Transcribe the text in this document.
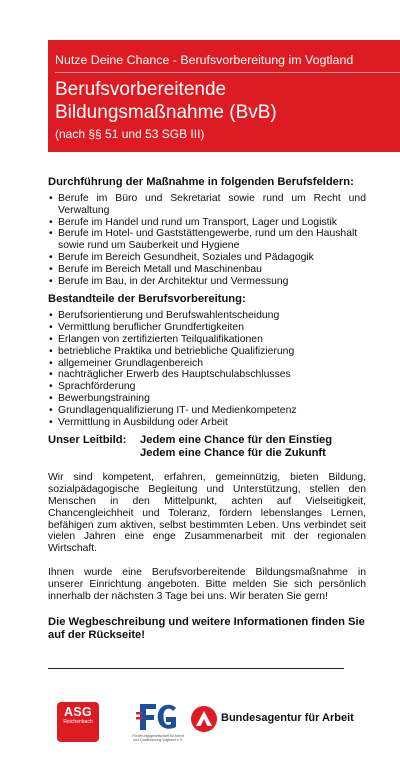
Nutze Deine Chance - Berufsvorbereitung im Vogtland
Berufsvorbereitende
Bildungsmaßnahme (BvB)
(nach §§ 51 und 53 SGB III)
Durchführung der Maßnahme in folgenden Berufsfeldern:
• Berufe im Büro und Sekretariat sowie rund um Recht und Verwaltung
• Berufe im Handel und rund um Transport, Lager und Logistik
• Berufe im Hotel- und Gaststättengewerbe, rund um den Haushalt sowie rund um Sauberkeit und Hygiene
• Berufe im Bereich Gesundheit, Soziales und Pädagogik
• Berufe im Bereich Metall und Maschinenbau
• Berufe im Bau, in der Architektur und Vermessung
Bestandteile der Berufsvorbereitung:
• Berufsorientierung und Berufswahlentscheidung
• Vermittlung beruflicher Grundfertigkeiten
• Erlangen von zertifizierten Teilqualifikationen
• betriebliche Praktika und betriebliche Qualifizierung
• allgemeiner Grundlagenbereich
• nachträglicher Erwerb des Hauptschulabschlusses
• Sprachförderung
• Bewerbungstraining
• Grundlagenqualifizierung IT- und Medienkompetenz
• Vermittlung in Ausbildung oder Arbeit
Unser Leitbild:	Jedem eine Chance für den Einstieg
Jedem eine Chance für die Zukunft

Wir sind kompetent, erfahren, gemeinnützig, bieten Bildung, sozialpädagogische Begleitung und Unterstützung, stellen den Menschen in den Mittelpunkt, achten auf Vielseitigkeit, Chancengleichheit und Toleranz, fördern lebenslanges Lernen, befähigen zum aktiven, selbst bestimmten Leben. Uns verbindet seit vielen Jahren eine enge Zusammenarbeit mit der regionalen Wirtschaft.

Ihnen wurde eine Berufsvorbereitende Bildungsmaßnahme in unserer Einrichtung angeboten. Bitte melden Sie sich persönlich innerhalb der nächsten 3 Tage bei uns. Wir beraten Sie gern!

Die Wegbeschreibung und weitere Informationen finden Sie auf der Rückseite!
ASG
Reichenbach
Förderungsgesellschaft für Arbeit und Qualifizierung Vogtland e.V.
Bundesagentur für Arbeit
